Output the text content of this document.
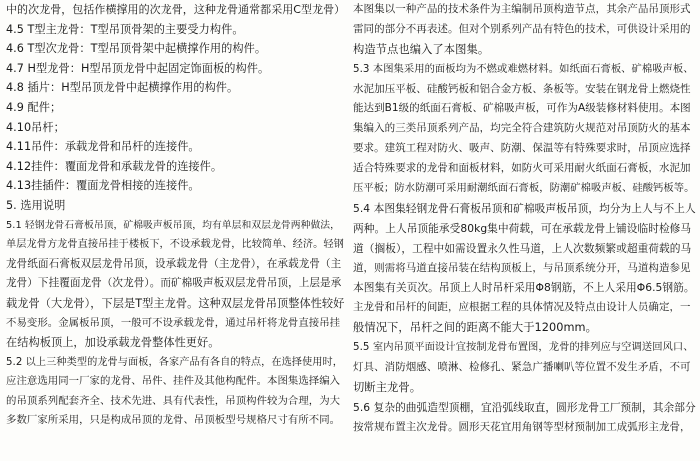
中的次龙骨，包括作横撑用的次龙骨，这种龙骨通常都采用C型龙骨）
4.5 T型主龙骨：T型吊顶骨架的主要受力构件。
4.6 T型次龙骨：T型吊顶骨架中起横撑作用的构件。
4.7 H型龙骨：H型吊顶龙骨中起固定饰面板的构件。
4.8 插片：H型吊顶龙骨中起横撑作用的构件。
4.9 配件；
4.10吊杆；
4.11吊件：承载龙骨和吊杆的连接件。
4.12挂件：覆面龙骨和承载龙骨的连接件。
4.13挂插件：覆面龙骨相接的连接件。
5. 选用说明
5.1 轻钢龙骨石膏板吊顶，矿棉吸声板吊顶，均有单层和双层龙骨两种做法，
单层龙骨方龙骨直接吊挂于楼板下，不设承载龙骨，比较简单、经济。轻钢
龙骨纸面石膏板双层龙骨吊顶，设承载龙骨（主龙骨），在承载龙骨（主
龙骨）下挂覆面龙骨（次龙骨）。而矿棉吸声板双层龙骨吊顶，上层是承
载龙骨（大龙骨），下层是T型主龙骨。这种双层龙骨吊顶整体性较好
不易变形。金属板吊顶，一般可不设承载龙骨，通过吊杆将龙骨直接吊挂
在结构板顶上，加设承载龙骨整体性更好。
5.2 以上三种类型的龙骨与面板，各家产品有各自的特点，在选择使用时，
应注意选用同一厂家的龙骨、吊件、挂件及其他构配件。本图集选择编入
的吊顶系列配套齐全、技术先进、具有代表性，吊顶构件较为合理，为大
多数厂家所采用，只是构成吊顶的龙骨、吊顶板型号规格尺寸有所不同。
本图集以一种产品的技术条件为主编制吊顶构造节点，其余产品吊顶形式
雷同的部分不再表述。但对个别系列产品有特色的技术，可供设计采用的
构造节点也编入了本图集。
5.3 本图集采用的面板均为不燃或难燃材料。如纸面石膏板、矿棉吸声板、
水泥加压平板、硅酸钙板和铝合金方板、条板等。安装在钢龙骨上燃烧性
能达到B1级的纸面石膏板、矿棉吸声板，可作为A级装修材料使用。本图
集编入的三类吊顶系列产品，均完全符合建筑防火规范对吊顶防火的基本
要求。建筑工程对防火、吸声、防潮、保温等有特殊要求时，吊顶应选择
适合特殊要求的龙骨和面板材料，如防火可采用耐火纸面石膏板，水泥加
压平板；防水防潮可采用耐潮纸面石膏板，防潮矿棉吸声板、硅酸钙板等。
5.4 本图集轻钢龙骨石膏板吊顶和矿棉吸声板吊顶，均分为上人与不上人
两种。上人吊顶能承受80kg集中荷载，可在承载龙骨上铺设临时检修马
道（搁板），工程中如需设置永久性马道，上人次数频繁或超重荷载的马
道，则需将马道直接吊装在结构顶板上，与吊顶系统分开，马道构造参见
本图集有关页次。吊顶上人时吊杆采用Φ8钢筋，不上人采用Φ6.5钢筋。
主龙骨和吊杆的间距，应根据工程的具体情况及特点由设计人员确定，一
般情况下，吊杆之间的距离不能大于1200mm。
5.5 室内吊顶平面设计宜按制龙骨布置图，龙骨的排列应与空调送回风口、
灯具、消防烟感、喷淋、检修孔、紧急广播喇叭等位置不发生矛盾，不可
切断主龙骨。
5.6 复杂的曲弧造型顶棚，宜沿弧线取直，圆形龙骨工厂预制，其余部分
按常规布置主次龙骨。圆形天花宜用角钢等型材预制加工成弧形主龙骨，
